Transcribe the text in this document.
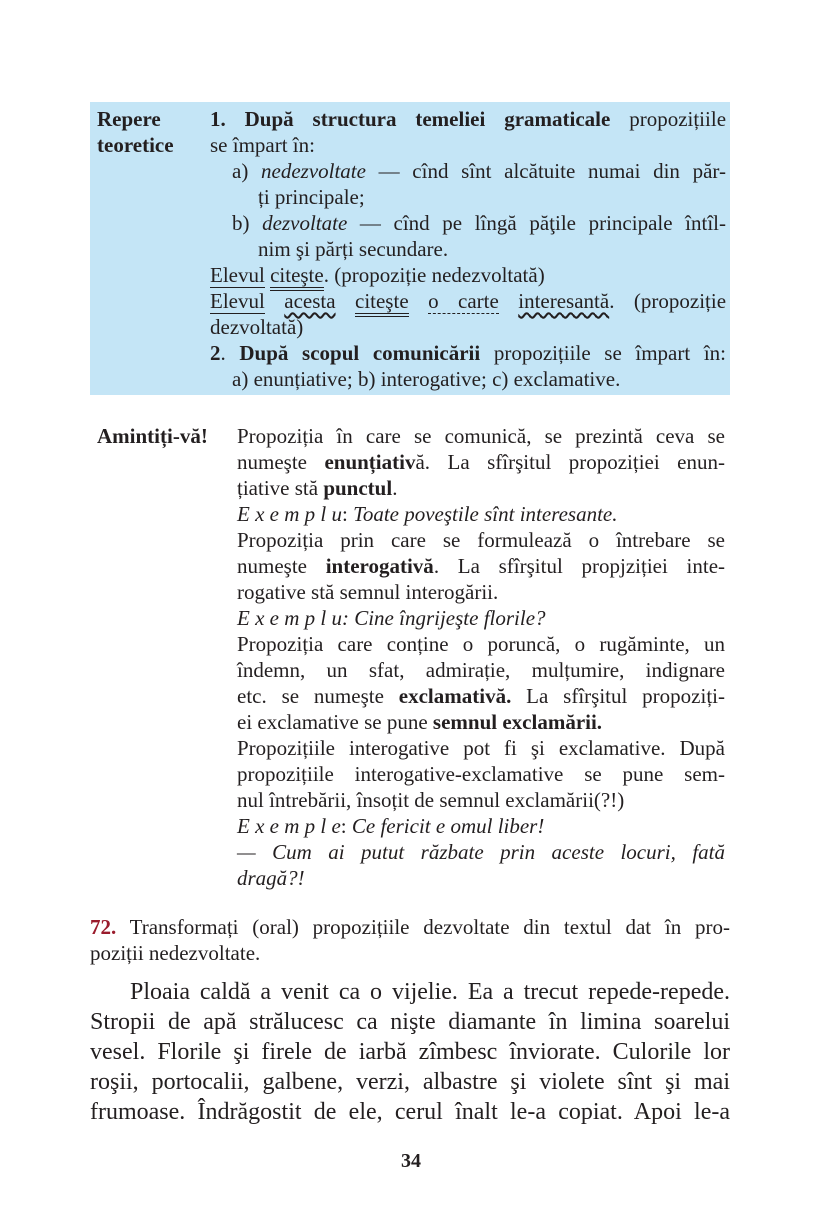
Repere
teoretice
1. După structura temeliei gramaticale propozițiile
se împart în:
a) nedezvoltate — cînd sînt alcătuite numai din păr-
ți principale;
b) dezvoltate — cînd pe lîngă păţile principale întîl-
nim şi părți secundare.
Elevul citeşte. (propoziție nedezvoltată)
Elevul acesta citeşte o carte interesantă. (propoziție
dezvoltată)
2. După scopul comunicării propozițiile se împart în:
a) enunțiative; b) interogative; c) exclamative.
Amintiți-vă!	Propoziția în care se comunică, se prezintă ceva se
numeşte enunțiativă. La sfîrşitul propoziției enun-
țiative stă punctul.
E x e m p l u: Toate poveştile sînt interesante.
Propoziția prin care se formulează o întrebare se
numeşte interogativă. La sfîrşitul propjziției inte-
rogative stă semnul interogării.
E x e m p l u: Cine îngrijeşte florile?
Propoziția care conține o poruncă, o rugăminte, un
îndemn, un sfat, admirație, mulțumire, indignare
etc. se numeşte exclamativă. La sfîrşitul propoziți-
ei exclamative se pune semnul exclamării.
Propozițiile interogative pot fi şi exclamative. După
propozițiile interogative-exclamative se pune sem-
nul întrebării, însoțit de semnul exclamării(?!)
E x e m p l e: Ce fericit e omul liber!
— Cum ai putut răzbate prin aceste locuri, fată
dragă?!
72. Transformați (oral) propozițiile dezvoltate din textul dat în pro-
poziții nedezvoltate.
Ploaia caldă a venit ca o vijelie. Ea a trecut repede-repede.
Stropii de apă strălucesc ca nişte diamante în limina soarelui
vesel. Florile şi firele de iarbă zîmbesc înviorate. Culorile lor
roşii, portocalii, galbene, verzi, albastre şi violete sînt şi mai
frumoase. Îndrăgostit de ele, cerul înalt le-a copiat. Apoi le-a
34
